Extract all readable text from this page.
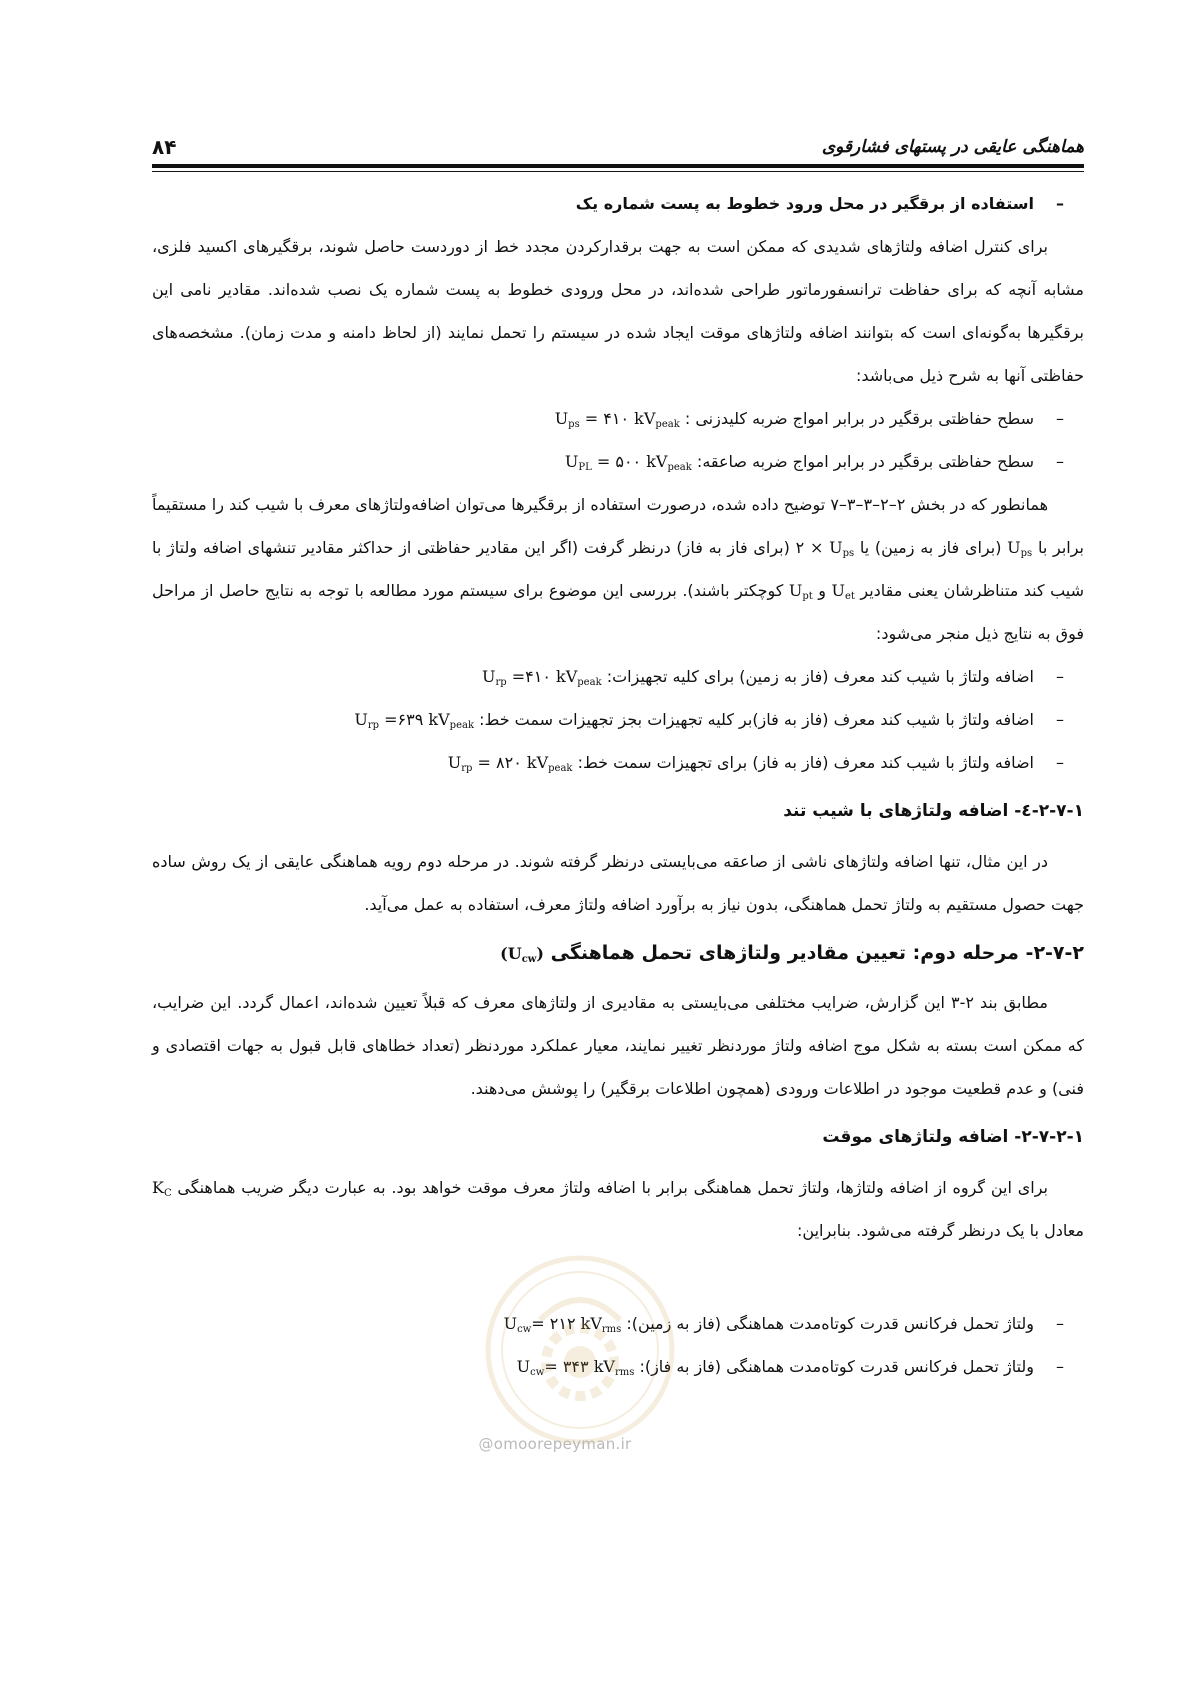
هماهنگی عایقی در پستهای فشارقوی
۸۴
–
استفاده از برقگیر در محل ورود خطوط به پست شماره یک

برای کنترل اضافه ولتاژهای شدیدی که ممکن است به جهت برقدارکردن مجدد خط از دوردست حاصل شوند، برقگیرهای اکسید فلزی، مشابه آنچه که برای حفاظت ترانسفورماتور طراحی شده‌اند، در محل ورودی خطوط به پست شماره یک نصب شده‌اند. مقادیر نامی این برقگیرها به‌گونه‌ای است که بتوانند اضافه ولتاژهای موقت ایجاد شده در سیستم را تحمل نمایند (از لحاظ دامنه و مدت زمان). مشخصه‌های حفاظتی آنها به شرح ذیل می‌باشد:

–
سطح حفاظتی برقگیر در برابر امواج ضربه کلیدزنی : $U_{ps}$ = ۴۱۰ $kV_{peak}$
–
سطح حفاظتی برقگیر در برابر امواج ضربه صاعقه: $U_{PL}$ = ۵۰۰ $kV_{peak}$

همانطور که در بخش ۲–۲–۳–۳–۷ توضیح داده شده، درصورت استفاده از برقگیرها می‌توان اضافه‌ولتاژهای معرف با شیب کند را مستقیماً برابر با $U_{ps}$ (برای فاز به زمین) یا ۲ × $U_{ps}$ (برای فاز به فاز) درنظر گرفت (اگر این مقادیر حفاظتی از حداکثر مقادیر تنشهای اضافه ولتاژ با شیب کند متناظرشان یعنی مقادیر $U_{et}$ و $U_{pt}$ کوچکتر باشند). بررسی این موضوع برای سیستم مورد مطالعه با توجه به نتایج حاصل از مراحل فوق به نتایج ذیل منجر می‌شود:

–
اضافه ولتاژ با شیب کند معرف (فاز به زمین) برای کلیه تجهیزات: $U_{rp}$ =۴۱۰ $kV_{peak}$
–
اضافه ولتاژ با شیب کند معرف (فاز به فاز)بر کلیه تجهیزات بجز تجهیزات سمت خط: $U_{rp}$ =۶۳۹ $kV_{peak}$
–
اضافه ولتاژ با شیب کند معرف (فاز به فاز) برای تجهیزات سمت خط: $U_{rp}$ = ۸۲۰ $kV_{peak}$
۲-۷-۱-٤- اضافه ولتاژهای با شیب تند

در این مثال، تنها اضافه ولتاژهای ناشی از صاعقه می‌بایستی درنظر گرفته شوند. در مرحله دوم رویه هماهنگی عایقی از یک روش ساده جهت حصول مستقیم به ولتاژ تحمل هماهنگی، بدون نیاز به برآورد اضافه ولتاژ معرف، استفاده به عمل می‌آید.

۲-۷-۲- مرحله دوم: تعیین مقادیر ولتاژهای تحمل هماهنگی $(U_{cw})$

مطابق بند ۲-۳ این گزارش، ضرایب مختلفی می‌بایستی به مقادیری از ولتاژهای معرف که قبلاً تعیین شده‌اند، اعمال گردد. این ضرایب، که ممکن است بسته به شکل موج اضافه ولتاژ موردنظر تغییر نمایند، معیار عملکرد موردنظر (تعداد خطاهای قابل قبول به جهات اقتصادی و فنی) و عدم قطعیت موجود در اطلاعات ورودی (همچون اطلاعات برقگیر) را پوشش می‌دهند.

۲-۷-۲-۱- اضافه ولتاژهای موقت

برای این گروه از اضافه ولتاژها، ولتاژ تحمل هماهنگی برابر با اضافه ولتاژ معرف موقت خواهد بود. به عبارت دیگر ضریب هماهنگی $K_C$ معادل با یک درنظر گرفته می‌شود. بنابراین:

–
ولتاژ تحمل فرکانس قدرت کوتاه‌مدت هماهنگی (فاز به زمین): $U_{cw}=$ ۲۱۲ $kV_{rms}$
–
ولتاژ تحمل فرکانس قدرت کوتاه‌مدت هماهنگی (فاز به فاز): $U_{cw}=$ ۳۴۳ $kV_{rms}$
@omoorepeyman.ir
